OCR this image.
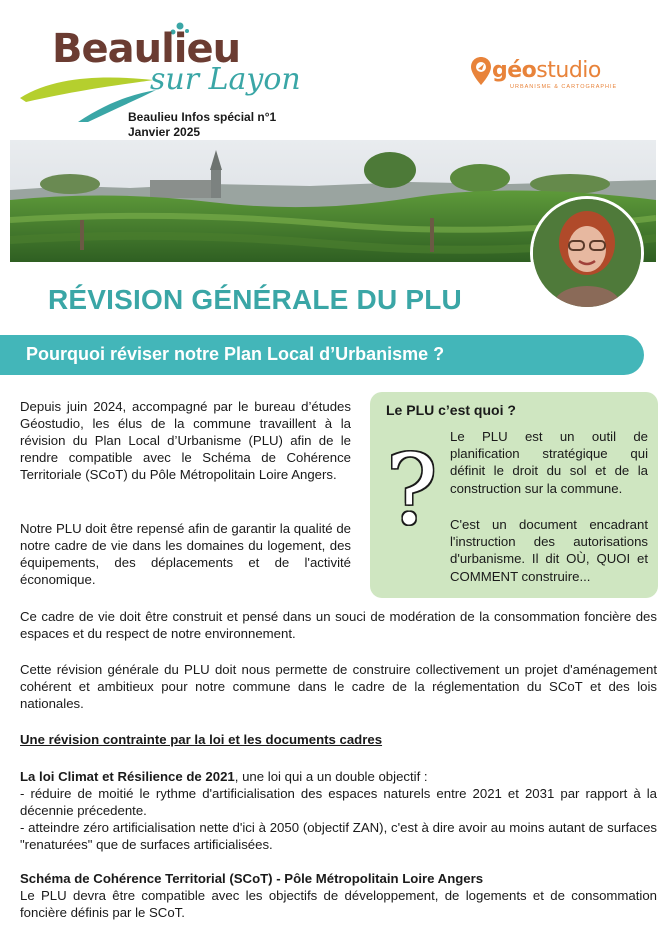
Beaulieu
sur Layon
Beaulieu Infos spécial n°1
Janvier 2025
géostudio
URBANISME & CARTOGRAPHIE
RÉVISION GÉNÉRALE DU PLU
Pourquoi réviser notre Plan Local d’Urbanisme ?
Depuis juin 2024, accompagné par le bureau d’études Géostudio, les élus de la commune travaillent à la révision du Plan Local d’Urbanisme (PLU) afin de le rendre compatible avec le Schéma de Cohérence Territoriale (SCoT) du Pôle Métropolitain Loire Angers.
Notre PLU doit être repensé afin de garantir la qualité de notre cadre de vie dans les domaines du logement, des équipements, des déplacements et de l'activité économique.
Le PLU c’est quoi ?
? Le PLU est un outil de planification stratégique qui définit le droit du sol et de la construction sur la commune.
C'est un document encadrant l'instruction des autorisations d'urbanisme. Il dit OÙ, QUOI et COMMENT construire...
Ce cadre de vie doit être construit et pensé dans un souci de modération de la consommation foncière des espaces et du respect de notre environnement.
Cette révision générale du PLU doit nous permette de construire collectivement un projet d'aménagement cohérent et ambitieux pour notre commune dans le cadre de la réglementation du SCoT et des lois nationales.
Une révision contrainte par la loi et les documents cadres
La loi Climat et Résilience de 2021, une loi qui a un double objectif :
- réduire de moitié le rythme d'artificialisation des espaces naturels entre 2021 et 2031 par rapport à la décennie précedente.
- atteindre zéro artificialisation nette d'ici à 2050 (objectif ZAN), c'est à dire avoir au moins autant de surfaces "renaturées" que de surfaces artificialisées.
Schéma de Cohérence Territorial (SCoT) - Pôle Métropolitain Loire Angers
Le PLU devra être compatible avec les objectifs de développement, de logements et de consommation foncière définis par le SCoT.
